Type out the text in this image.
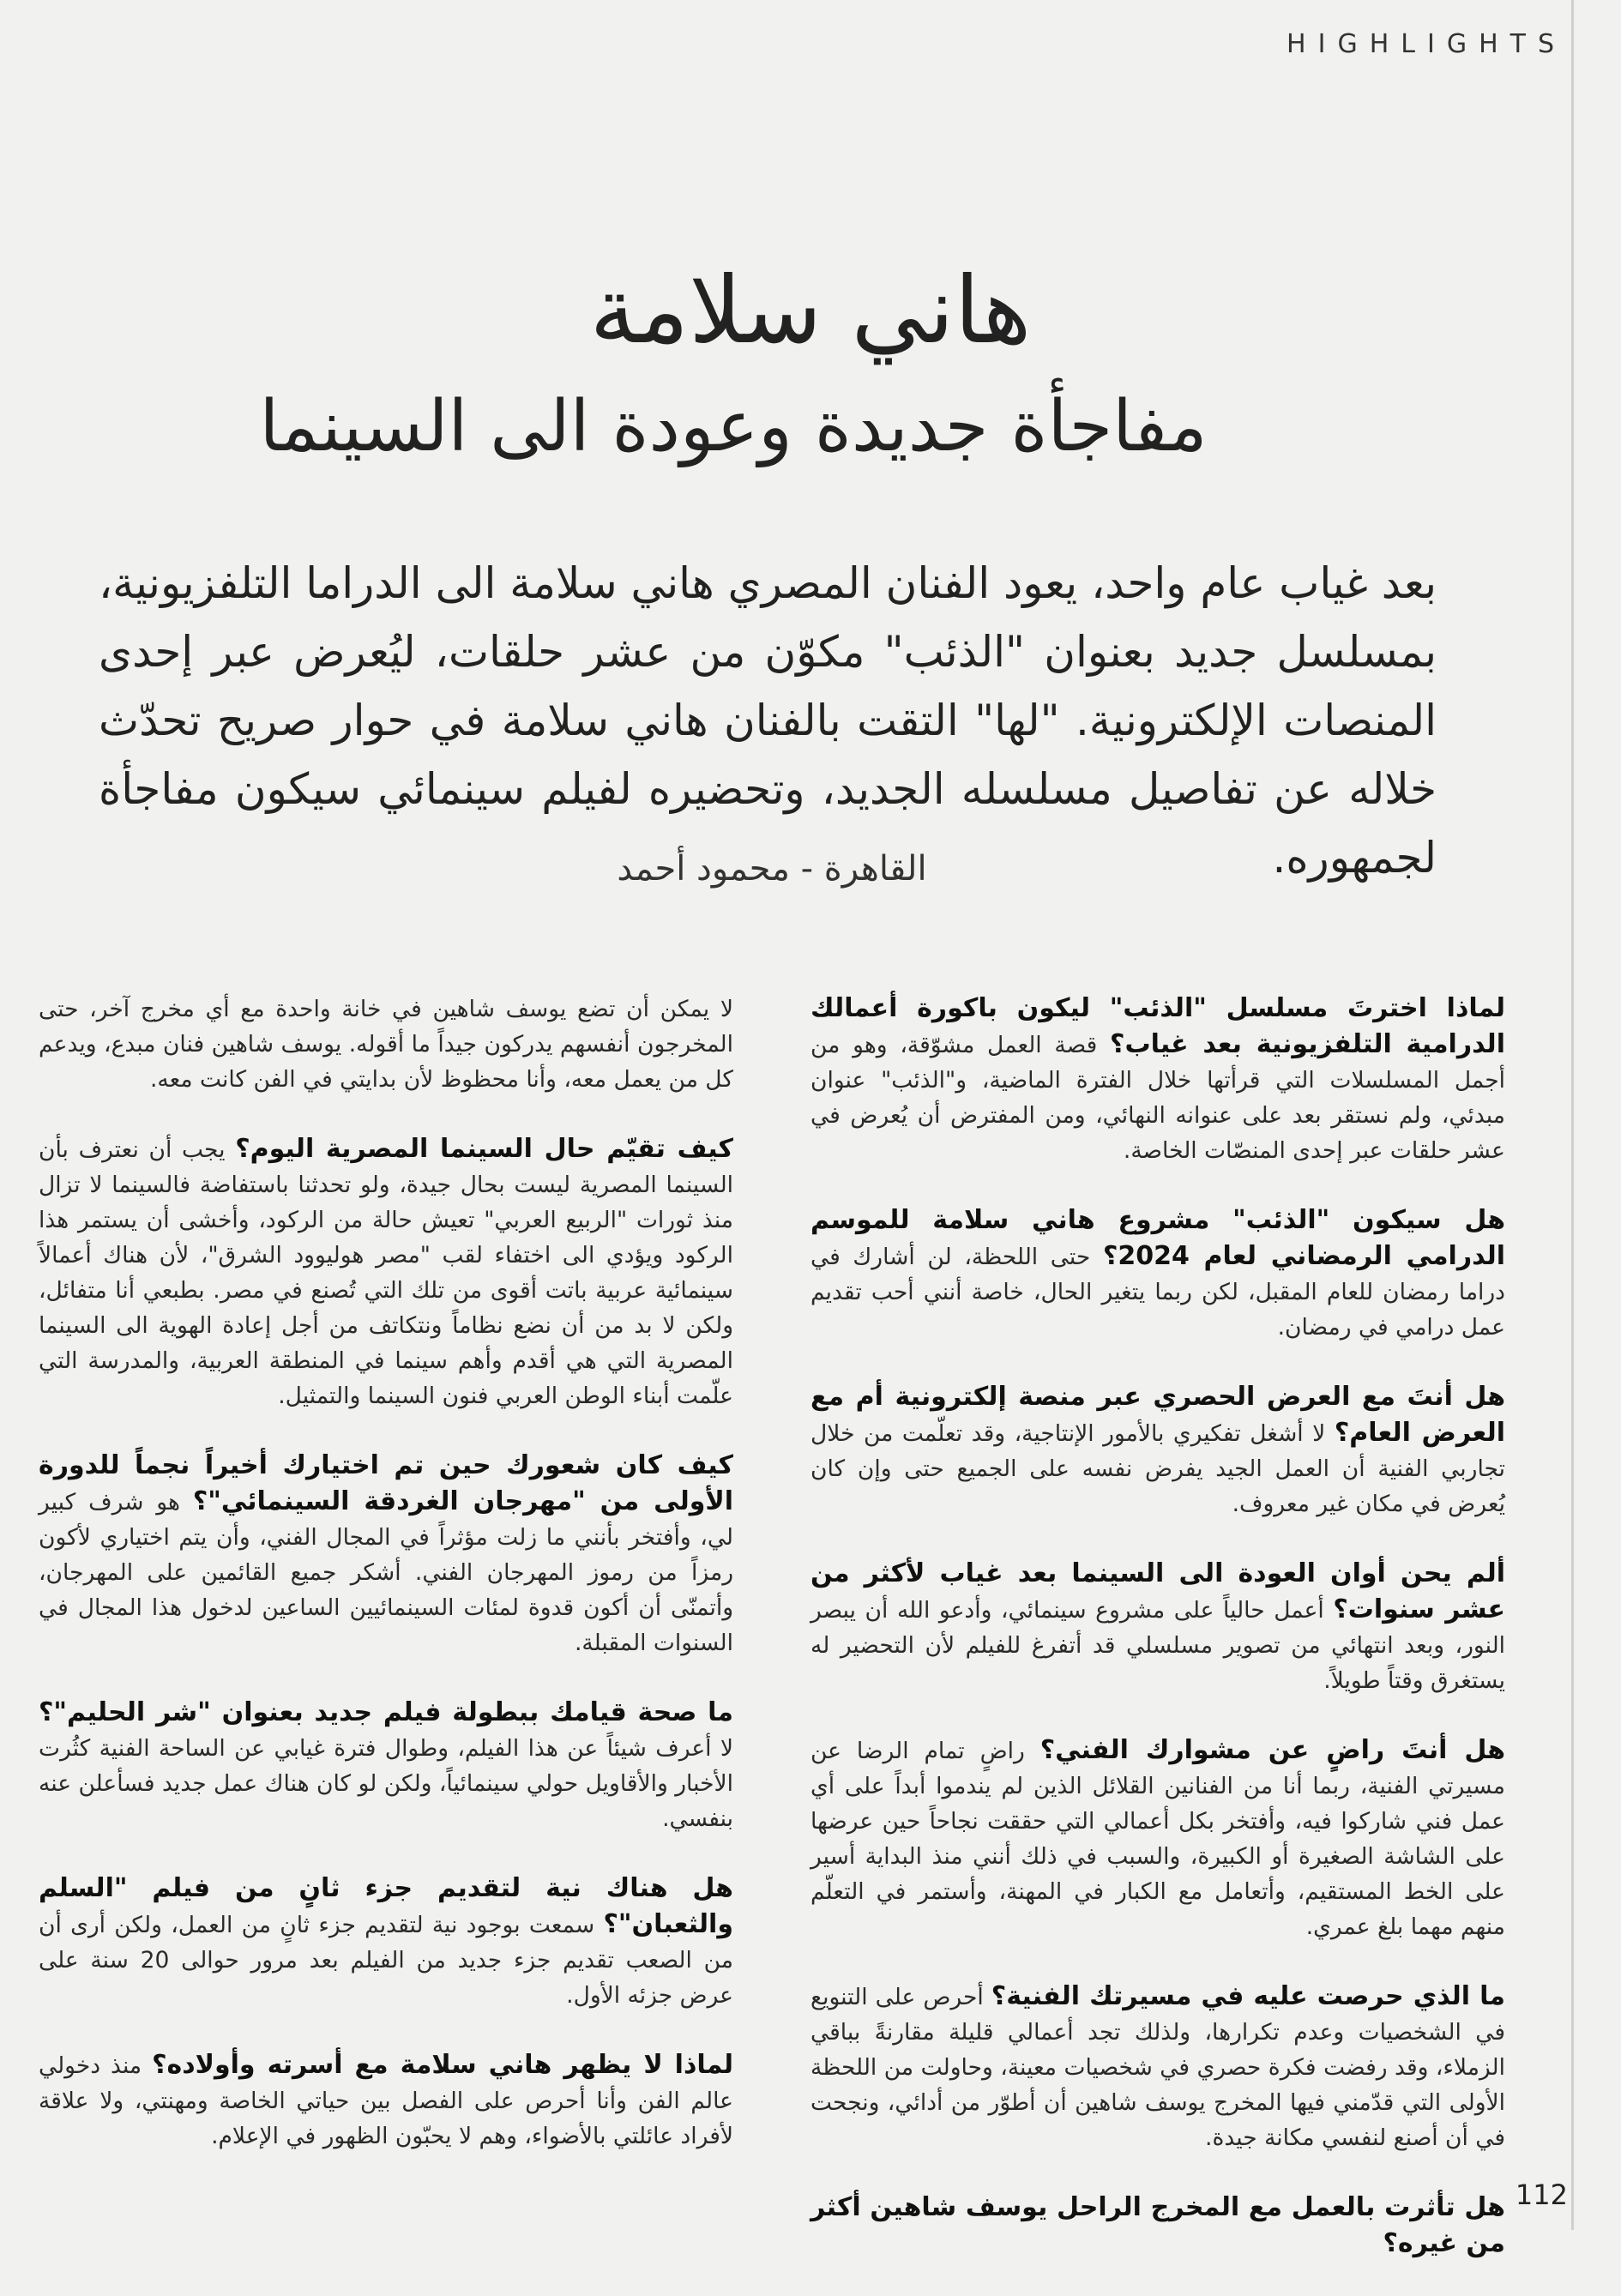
HIGHLIGHTS
هاني سلامة
مفاجأة جديدة وعودة الى السينما

بعد غياب عام واحد، يعود الفنان المصري هاني سلامة الى الدراما التلفزيونية، بمسلسل جديد بعنوان "الذئب" مكوّن من عشر حلقات، ليُعرض عبر إحدى المنصات الإلكترونية. "لها" التقت بالفنان هاني سلامة في حوار صريح تحدّث خلاله عن تفاصيل مسلسله الجديد، وتحضيره لفيلم سينمائي سيكون مفاجأة لجمهوره.

القاهرة - محمود أحمد

لماذا اخترتَ مسلسل "الذئب" ليكون باكورة أعمالك الدرامية التلفزيونية بعد غياب؟ قصة العمل مشوّقة، وهو من أجمل المسلسلات التي قرأتها خلال الفترة الماضية، و"الذئب" عنوان مبدئي، ولم نستقر بعد على عنوانه النهائي، ومن المفترض أن يُعرض في عشر حلقات عبر إحدى المنصّات الخاصة.

هل سيكون "الذئب" مشروع هاني سلامة للموسم الدرامي الرمضاني لعام 2024؟ حتى اللحظة، لن أشارك في دراما رمضان للعام المقبل، لكن ربما يتغير الحال، خاصة أنني أحب تقديم عمل درامي في رمضان.

هل أنتَ مع العرض الحصري عبر منصة إلكترونية أم مع العرض العام؟ لا أشغل تفكيري بالأمور الإنتاجية، وقد تعلّمت من خلال تجاربي الفنية أن العمل الجيد يفرض نفسه على الجميع حتى وإن كان يُعرض في مكان غير معروف.

ألم يحن أوان العودة الى السينما بعد غياب لأكثر من عشر سنوات؟ أعمل حالياً على مشروع سينمائي، وأدعو الله أن يبصر النور، وبعد انتهائي من تصوير مسلسلي قد أتفرغ للفيلم لأن التحضير له يستغرق وقتاً طويلاً.

هل أنتَ راضٍ عن مشوارك الفني؟ راضٍ تمام الرضا عن مسيرتي الفنية، ربما أنا من الفنانين القلائل الذين لم يندموا أبداً على أي عمل فني شاركوا فيه، وأفتخر بكل أعمالي التي حققت نجاحاً حين عرضها على الشاشة الصغيرة أو الكبيرة، والسبب في ذلك أنني منذ البداية أسير على الخط المستقيم، وأتعامل مع الكبار في المهنة، وأستمر في التعلّم منهم مهما بلغ عمري.

ما الذي حرصت عليه في مسيرتك الفنية؟ أحرص على التنويع في الشخصيات وعدم تكرارها، ولذلك تجد أعمالي قليلة مقارنةً بباقي الزملاء، وقد رفضت فكرة حصري في شخصيات معينة، وحاولت من اللحظة الأولى التي قدّمني فيها المخرج يوسف شاهين أن أطوّر من أدائي، ونجحت في أن أصنع لنفسي مكانة جيدة.

هل تأثرت بالعمل مع المخرج الراحل يوسف شاهين أكثر من غيره؟

لا يمكن أن تضع يوسف شاهين في خانة واحدة مع أي مخرج آخر، حتى المخرجون أنفسهم يدركون جيداً ما أقوله. يوسف شاهين فنان مبدع، ويدعم كل من يعمل معه، وأنا محظوظ لأن بدايتي في الفن كانت معه.

كيف تقيّم حال السينما المصرية اليوم؟ يجب أن نعترف بأن السينما المصرية ليست بحال جيدة، ولو تحدثنا باستفاضة فالسينما لا تزال منذ ثورات "الربيع العربي" تعيش حالة من الركود، وأخشى أن يستمر هذا الركود ويؤدي الى اختفاء لقب "مصر هوليوود الشرق"، لأن هناك أعمالاً سينمائية عربية باتت أقوى من تلك التي تُصنع في مصر. بطبعي أنا متفائل، ولكن لا بد من أن نضع نظاماً ونتكاتف من أجل إعادة الهوية الى السينما المصرية التي هي أقدم وأهم سينما في المنطقة العربية، والمدرسة التي علّمت أبناء الوطن العربي فنون السينما والتمثيل.

كيف كان شعورك حين تم اختيارك أخيراً نجماً للدورة الأولى من "مهرجان الغردقة السينمائي"؟ هو شرف كبير لي، وأفتخر بأنني ما زلت مؤثراً في المجال الفني، وأن يتم اختياري لأكون رمزاً من رموز المهرجان الفني. أشكر جميع القائمين على المهرجان، وأتمنّى أن أكون قدوة لمئات السينمائيين الساعين لدخول هذا المجال في السنوات المقبلة.

ما صحة قيامك ببطولة فيلم جديد بعنوان "شر الحليم"؟ لا أعرف شيئاً عن هذا الفيلم، وطوال فترة غيابي عن الساحة الفنية كثُرت الأخبار والأقاويل حولي سينمائياً، ولكن لو كان هناك عمل جديد فسأعلن عنه بنفسي.

هل هناك نية لتقديم جزء ثانٍ من فيلم "السلم والثعبان"؟ سمعت بوجود نية لتقديم جزء ثانٍ من العمل، ولكن أرى أن من الصعب تقديم جزء جديد من الفيلم بعد مرور حوالى 20 سنة على عرض جزئه الأول.

لماذا لا يظهر هاني سلامة مع أسرته وأولاده؟ منذ دخولي عالم الفن وأنا أحرص على الفصل بين حياتي الخاصة ومهنتي، ولا علاقة لأفراد عائلتي بالأضواء، وهم لا يحبّون الظهور في الإعلام.

112
